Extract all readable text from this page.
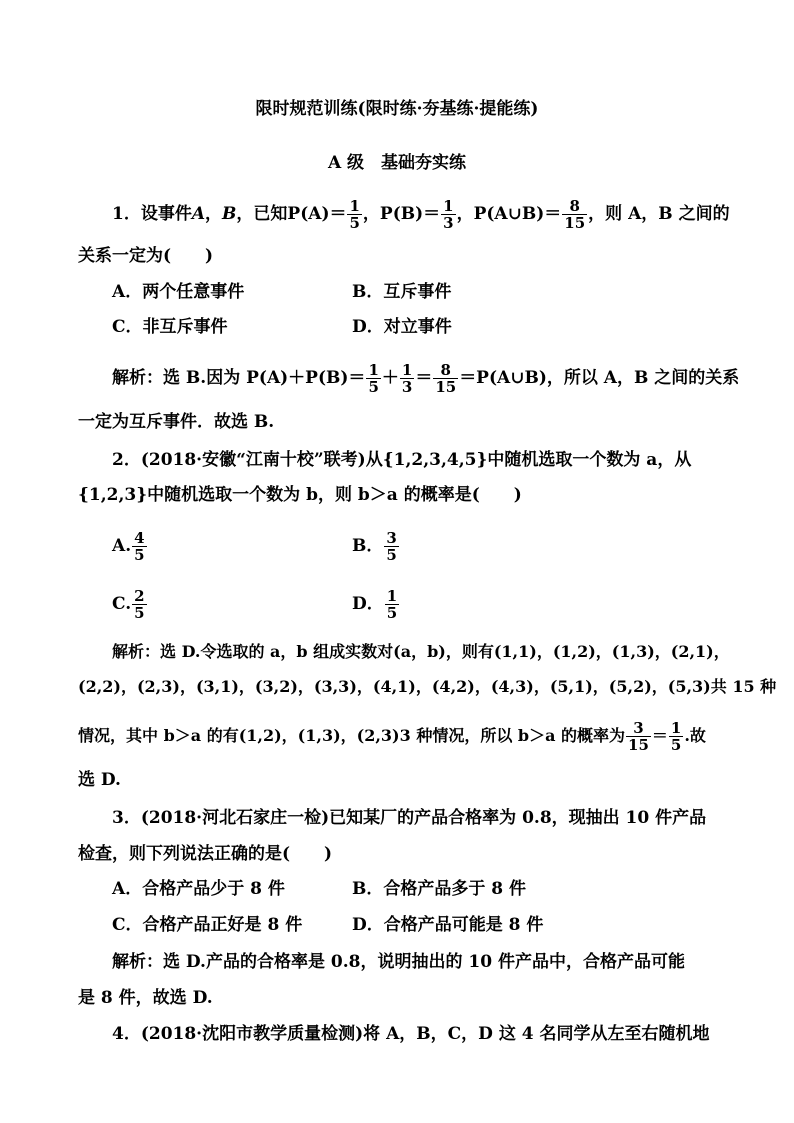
限时规范训练(限时练·夯基练·提能练)
A 级　基础夯实练
1．设事件A，B，已知$P(A)= \frac{1}{5}$ ，$P(B)= \frac{1}{3}$ ，P(A∪B)＝ $\frac{8}{15}$ ，则 A，B 之间的
关系一定为(　　)
A．两个任意事件	B．互斥事件
C．非互斥事件	D．对立事件
解析：选 B.因为 $P(A)+P(B)= \frac{1}{5} + \frac{1}{3} = \frac{8}{15}$ ＝P(A∪B)，所以 A，B 之间的关系
一定为互斥事件．故选 B.
2．(2018·安徽“江南十校”联考)从{1,2,3,4,5}中随机选取一个数为 a，从
{1,2,3}中随机选取一个数为 b，则 b＞a 的概率是(　　)
A. $\frac{4}{5}$	B． $\frac{3}{5}$
C. $\frac{2}{5}$	D． $\frac{1}{5}$
解析：选 D.令选取的 a，b 组成实数对(a，b)，则有(1,1)，(1,2)，(1,3)，(2,1)，
(2,2)，(2,3)，(3,1)，(3,2)，(3,3)，(4,1)，(4,2)，(4,3)，(5,1)，(5,2)，(5,3)共 15 种
情况，其中 b＞a 的有(1,2)，(1,3)，(2,3)3 种情况，所以 b＞a 的概率为 $\frac{3}{15} = \frac{1}{5}$ .故
选 D.
3．(2018·河北石家庄一检)已知某厂的产品合格率为 0.8，现抽出 10 件产品
检查，则下列说法正确的是(　　)
A．合格产品少于 8 件	B．合格产品多于 8 件
C．合格产品正好是 8 件	D．合格产品可能是 8 件
解析：选 D.产品的合格率是 0.8，说明抽出的 10 件产品中，合格产品可能
是 8 件，故选 D.
4．(2018·沈阳市教学质量检测)将 A，B，C，D 这 4 名同学从左至右随机地
